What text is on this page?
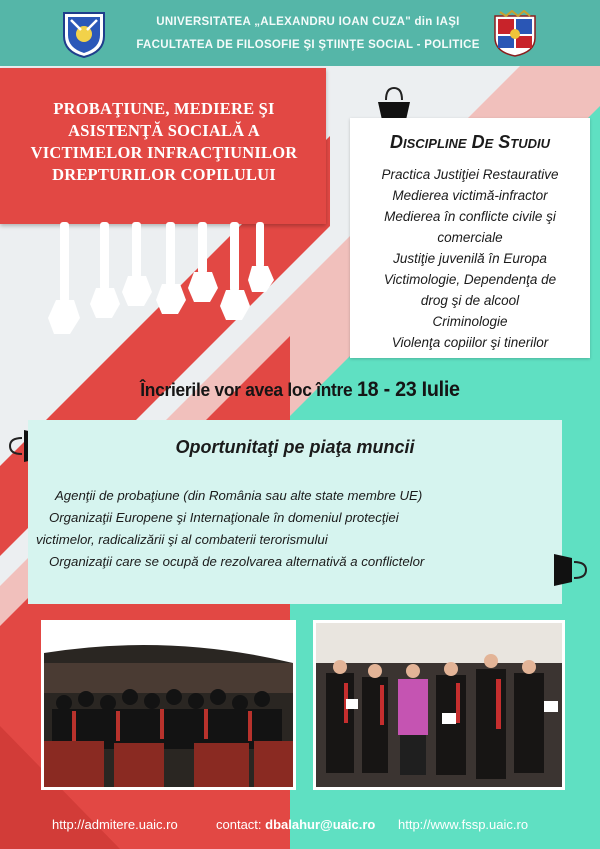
UNIVERSITATEA „ALEXANDRU IOAN CUZA" din IAŞI
FACULTATEA DE FILOSOFIE ŞI ŞTIINŢE SOCIAL - POLITICE
PROBAŢIUNE, MEDIERE ŞI
ASISTENŢĂ SOCIALĂ A
VICTIMELOR INFRACŢIUNILOR
DREPTURILOR COPILULUI
Discipline De Studiu
Practica Justiţiei Restaurative
Medierea victimă-infractor
Medierea în conflicte civile şi
comerciale
Justiţie juvenilă în Europa
Victimologie, Dependenţa de
drog şi de alcool
Criminologie
Violenţa copiilor şi tinerilor
Încrierile vor avea loc între 18 - 23 Iulie
Oportunitaţi pe piaţa muncii
Agenţii de probaţiune (din România sau alte state membre UE)
Organizaţii Europene şi Internaţionale în domeniul protecţiei
victimelor, radicalizării şi al combaterii terorismului
Organizaţii care se ocupă de rezolvarea alternativă a conflictelor
http://admitere.uaic.ro	contact: dbalahur@uaic.ro http://www.fssp.uaic.ro
